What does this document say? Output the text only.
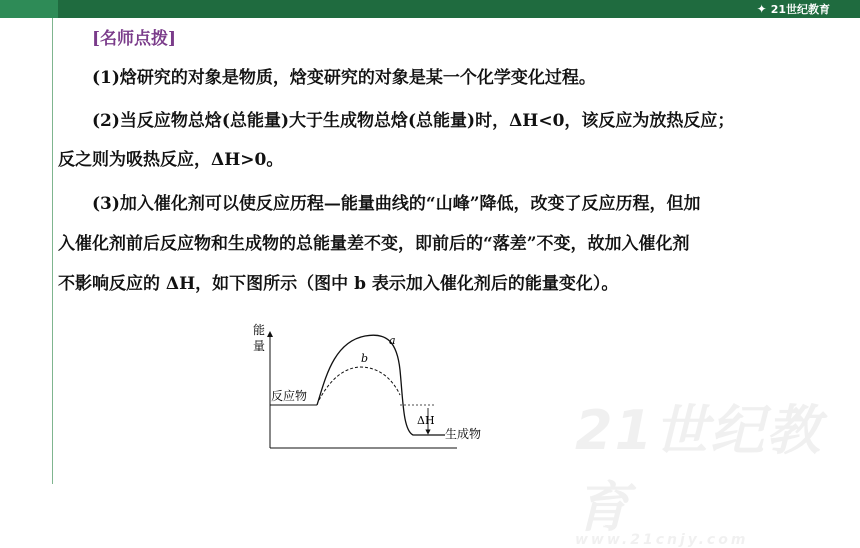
✦ 21世纪教育
[名师点拨]
(1)焓研究的对象是物质，焓变研究的对象是某一个化学变化过程。
(2)当反应物总焓(总能量)大于生成物总焓(总能量)时，ΔH<0，该反应为放热反应；
反之则为吸热反应，ΔH>0。
(3)加入催化剂可以使反应历程—能量曲线的“山峰”降低，改变了反应历程，但加
入催化剂前后反应物和生成物的总能量差不变，即前后的“落差”不变，故加入催化剂
不影响反应的 ΔH，如下图所示（图中 b 表示加入催化剂后的能量变化）。
21世纪教育
www.21cnjy.com
能
量
反应物
a
b
ΔH
生成物
